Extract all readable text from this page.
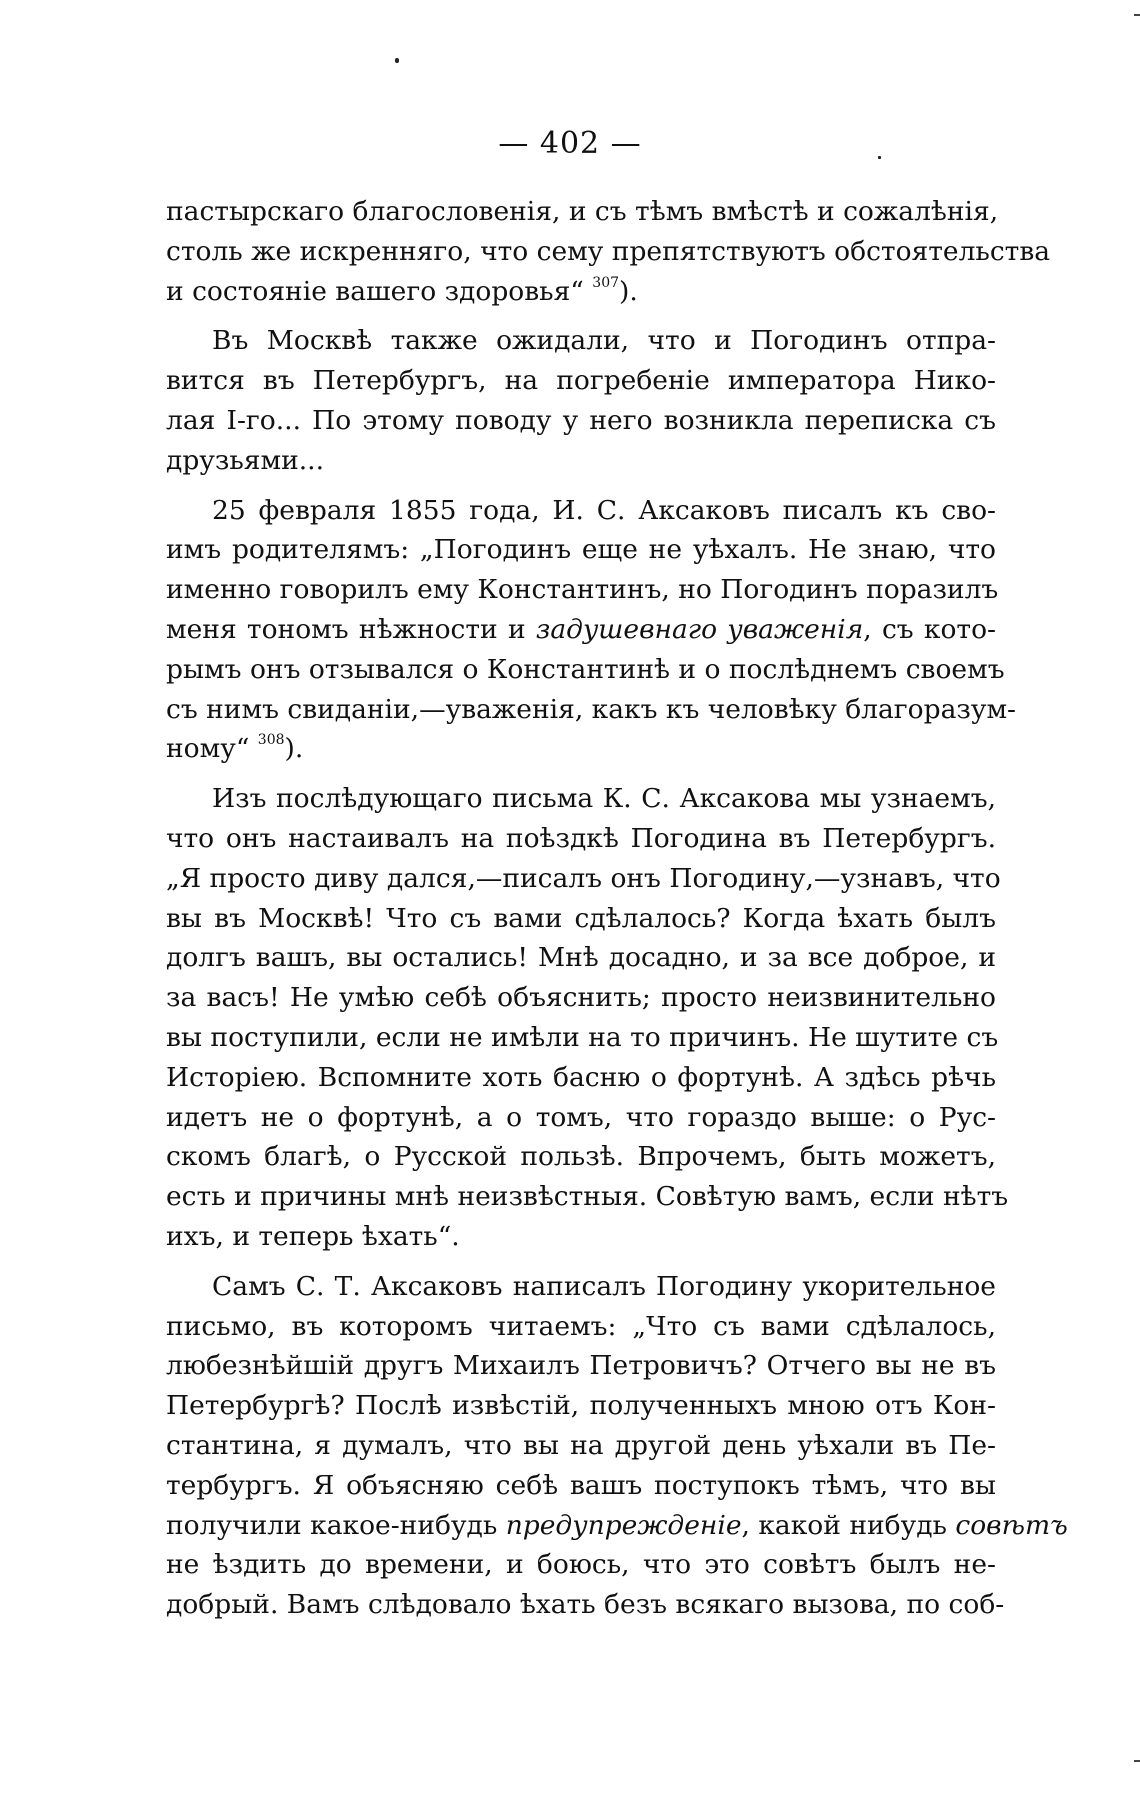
— 402 —
пастырскаго благословенія, и съ тѣмъ вмѣстѣ и сожалѣнія,
столь же искренняго, что сему препятствуютъ обстоятельства
и состояніе вашего здоровья“ $^{307}$).
Въ Москвѣ также ожидали, что и Погодинъ отпра-
вится въ Петербургъ, на погребеніе императора Нико-
лая I-го... По этому поводу у него возникла переписка съ
друзьями...
25 февраля 1855 года, И. С. Аксаковъ писалъ къ сво-
имъ родителямъ: „Погодинъ еще не уѣхалъ. Не знаю, что
именно говорилъ ему Константинъ, но Погодинъ поразилъ
меня тономъ нѣжности и задушевнаго уваженія, съ кото-
рымъ онъ отзывался о Константинѣ и о послѣднемъ своемъ
съ нимъ свиданіи,—уваженія, какъ къ человѣку благоразум-
ному“ $^{308}$).
Изъ послѣдующаго письма К. С. Аксакова мы узнаемъ,
что онъ настаивалъ на поѣздкѣ Погодина въ Петербургъ.
„Я просто диву дался,—писалъ онъ Погодину,—узнавъ, что
вы въ Москвѣ! Что съ вами сдѣлалось? Когда ѣхать былъ
долгъ вашъ, вы остались! Мнѣ досадно, и за все доброе, и
за васъ! Не умѣю себѣ объяснить; просто неизвинительно
вы поступили, если не имѣли на то причинъ. Не шутите съ
Исторіею. Вспомните хоть басню о фортунѣ. А здѣсь рѣчь
идетъ не о фортунѣ, а о томъ, что гораздо выше: о Рус-
скомъ благѣ, о Русской пользѣ. Впрочемъ, быть можетъ,
есть и причины мнѣ неизвѣстныя. Совѣтую вамъ, если нѣтъ
ихъ, и теперь ѣхать“.
Самъ С. Т. Аксаковъ написалъ Погодину укорительное
письмо, въ которомъ читаемъ: „Что съ вами сдѣлалось,
любезнѣйшій другъ Михаилъ Петровичъ? Отчего вы не въ
Петербургѣ? Послѣ извѣстій, полученныхъ мною отъ Кон-
стантина, я думалъ, что вы на другой день уѣхали въ Пе-
тербургъ. Я объясняю себѣ вашъ поступокъ тѣмъ, что вы
получили какое-нибудь предупрежденіе, какой нибудь совѣтъ
не ѣздить до времени, и боюсь, что это совѣтъ былъ не-
добрый. Вамъ слѣдовало ѣхать безъ всякаго вызова, по соб-
